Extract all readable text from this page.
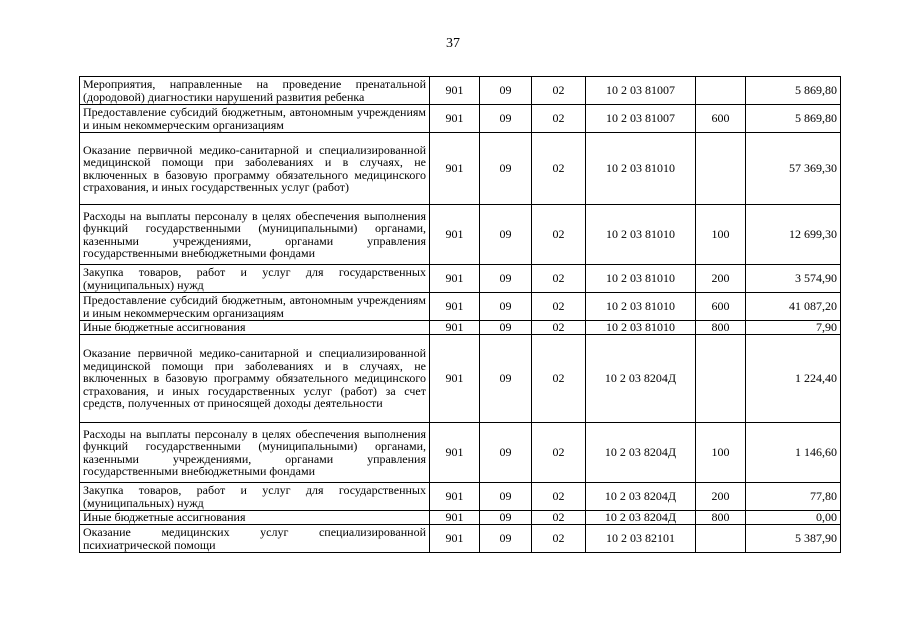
37
Мероприятия, направленные на проведение пренатальной (дородовой) диагностики нарушений развития ребенка	901	09	02	10 2 03 81007		5 869,80
Предоставление субсидий бюджетным, автономным учреждениям и иным некоммерческим организациям	901	09	02	10 2 03 81007	600	5 869,80
Оказание первичной медико-санитарной и специализированной медицинской помощи при заболеваниях и в случаях, не включенных в базовую программу обязательного медицинского страхования, и иных государственных услуг (работ)	901	09	02	10 2 03 81010		57 369,30
Расходы на выплаты персоналу в целях обеспечения выполнения функций государственными (муниципальными) органами, казенными учреждениями, органами управления государственными внебюджетными фондами	901	09	02	10 2 03 81010	100	12 699,30
Закупка товаров, работ и услуг для государственных (муниципальных) нужд	901	09	02	10 2 03 81010	200	3 574,90
Предоставление субсидий бюджетным, автономным учреждениям и иным некоммерческим организациям	901	09	02	10 2 03 81010	600	41 087,20
Иные бюджетные ассигнования	901	09	02	10 2 03 81010	800	7,90
Оказание первичной медико-санитарной и специализированной медицинской помощи при заболеваниях и в случаях, не включенных в базовую программу обязательного медицинского страхования, и иных государственных услуг (работ) за счет средств, полученных от приносящей доходы деятельности	901	09	02	10 2 03 8204Д		1 224,40
Расходы на выплаты персоналу в целях обеспечения выполнения функций государственными (муниципальными) органами, казенными учреждениями, органами управления государственными внебюджетными фондами	901	09	02	10 2 03 8204Д	100	1 146,60
Закупка товаров, работ и услуг для государственных (муниципальных) нужд	901	09	02	10 2 03 8204Д	200	77,80
Иные бюджетные ассигнования	901	09	02	10 2 03 8204Д	800	0,00
Оказание медицинских услуг специализированной психиатрической помощи	901	09	02	10 2 03 82101		5 387,90
